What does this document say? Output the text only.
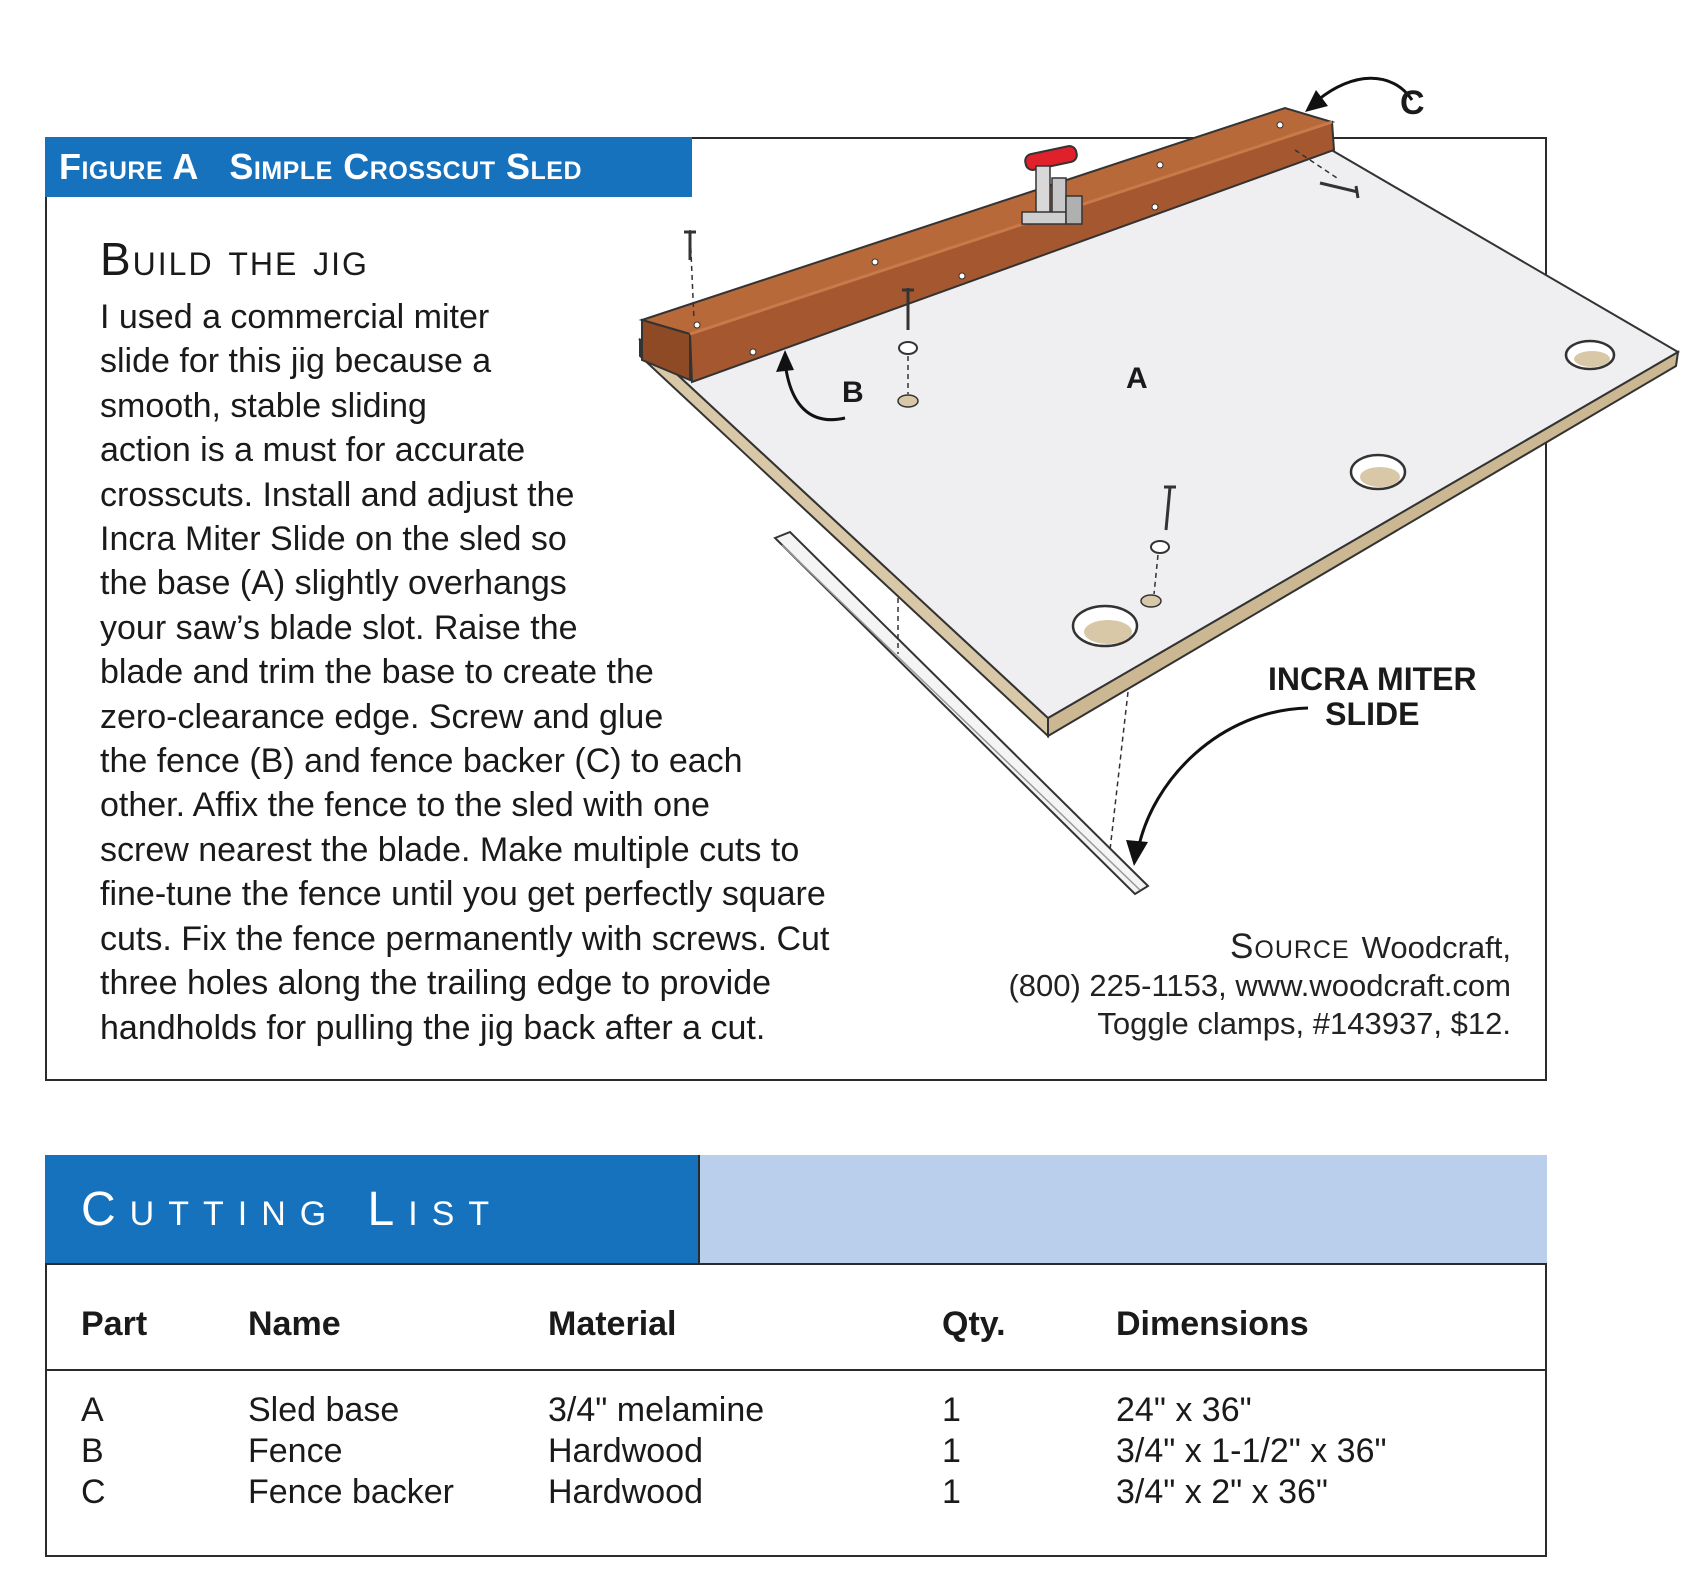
Figure A Simple Crosscut Sled
Build the jig
I used a commercial miter
slide for this jig because a
smooth, stable sliding
action is a must for accurate
crosscuts. Install and adjust the
Incra Miter Slide on the sled so
the base (A) slightly overhangs
your saw’s blade slot. Raise the
blade and trim the base to create the
zero-clearance edge. Screw and glue
the fence (B) and fence backer (C) to each
other. Affix the fence to the sled with one
screw nearest the blade. Make multiple cuts to
fine-tune the fence until you get perfectly square
cuts. Fix the fence permanently with screws. Cut
three holes along the trailing edge to provide
handholds for pulling the jig back after a cut.
A
B
C
INCRA MITER
SLIDE
Source Woodcraft,
(800) 225-1153, www.woodcraft.com
Toggle clamps, #143937, $12.
Cutting List
Part	Name	Material	Qty.	Dimensions
A	Sled base	3/4" melamine	1	24" x 36"
B	Fence	Hardwood	1	3/4" x 1-1/2" x 36"
C	Fence backer	Hardwood	1	3/4" x 2" x 36"
